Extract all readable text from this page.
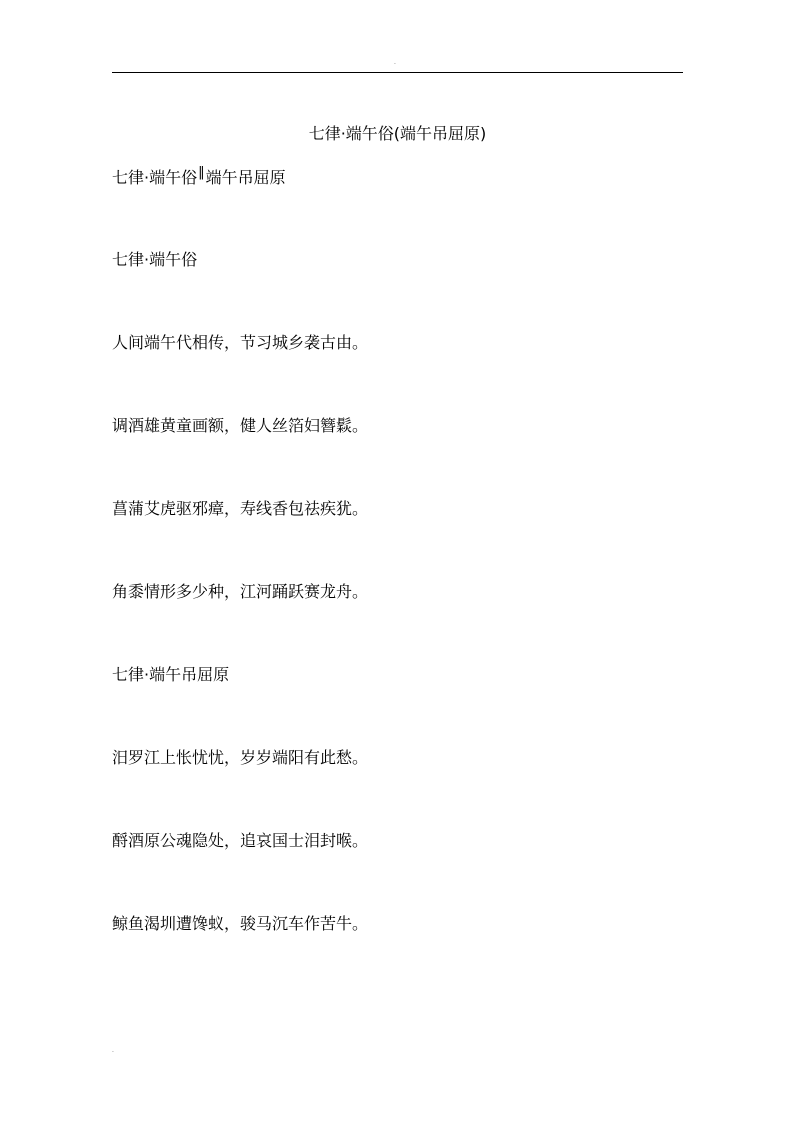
.
七律·端午俗(端午吊屈原)
七律·端午俗‖端午吊屈原
七律·端午俗
人间端午代相传，节习城乡袭古由。
调酒雄黄童画额，健人丝箔妇簪鬏。
菖蒲艾虎驱邪瘴，寿线香包祛疾犹。
角黍情形多少种，江河踊跃赛龙舟。
七律·端午吊屈原
汨罗江上怅忧忧，岁岁端阳有此愁。
酹酒原公魂隐处，追哀国士泪封喉。
鲸鱼渴圳遭馋蚁，骏马沉车作苦牛。
.
